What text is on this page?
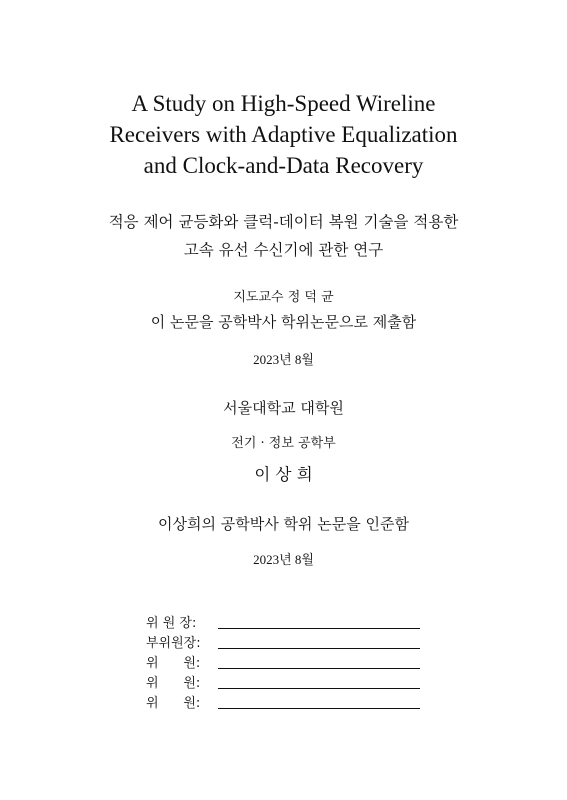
A Study on High-Speed Wireline
Receivers with Adaptive Equalization
and Clock-and-Data Recovery
적응 제어 균등화와 클럭-데이터 복원 기술을 적용한
고속 유선 수신기에 관한 연구
지도교수 정 덕 균
이 논문을 공학박사 학위논문으로 제출함
2023년 8월
서울대학교 대학원
전기 · 정보 공학부
이 상 희
이상희의 공학박사 학위 논문을 인준함
2023년 8월
위 원 장:
부위원장:
위      원:
위      원:
위      원:
